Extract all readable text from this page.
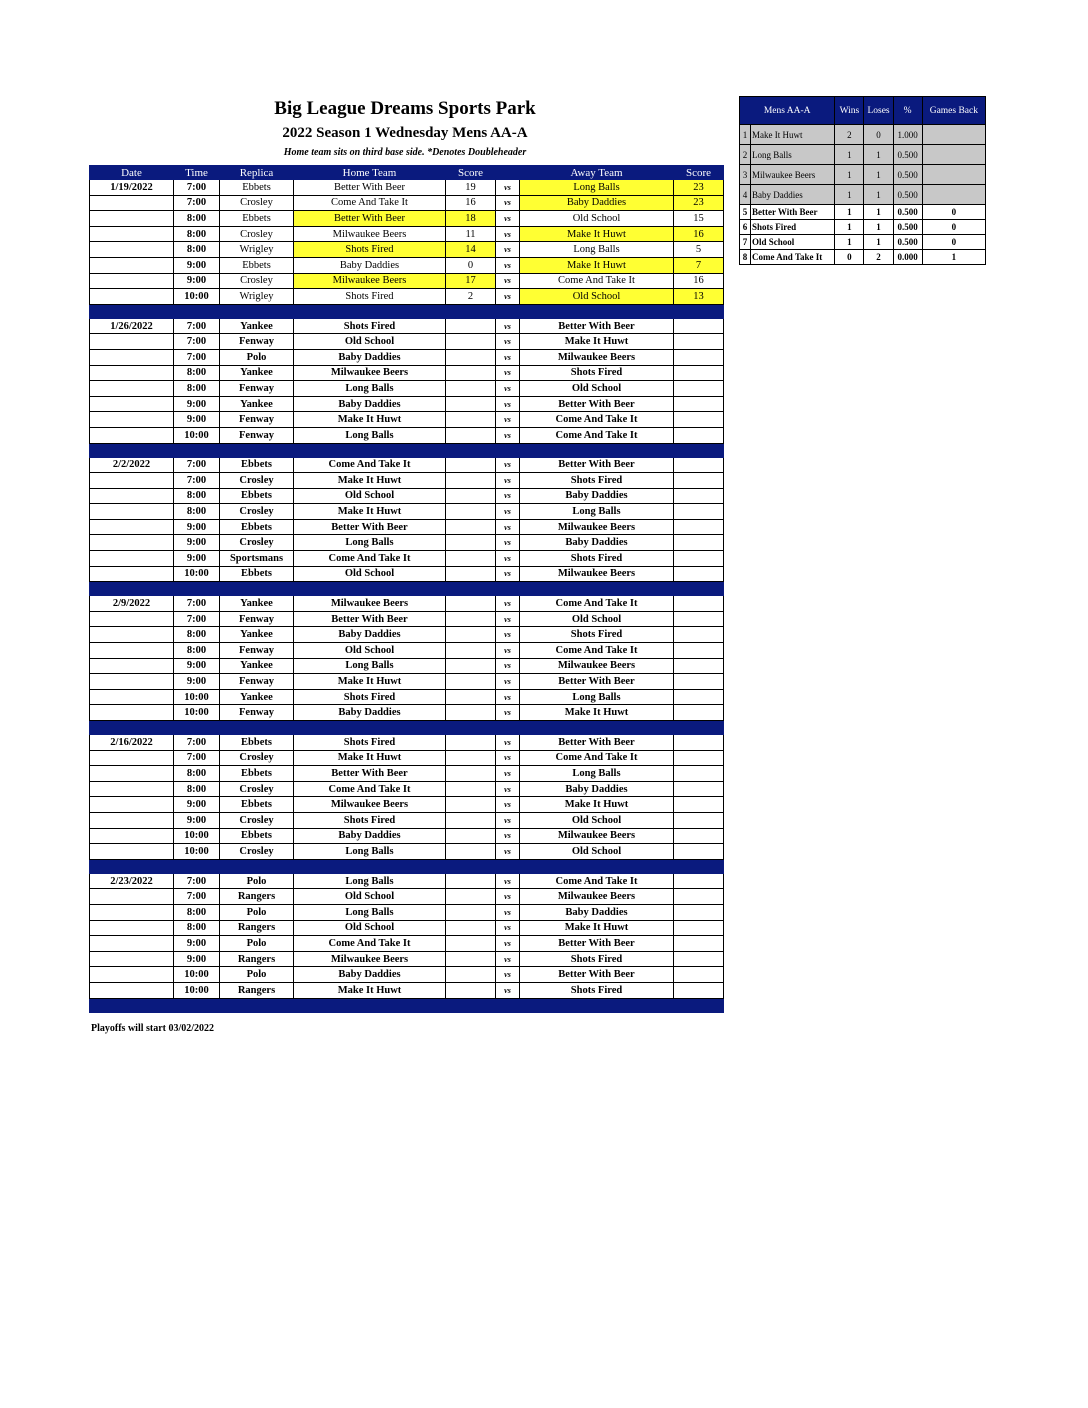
Big League Dreams Sports Park
2022 Season 1 Wednesday Mens AA-A
Home team sits on third base side. *Denotes Doubleheader
Date	Time	Replica	Home Team	Score		Away Team	Score
1/19/2022	7:00	Ebbets	Better With Beer	19	vs	Long Balls	23
	7:00	Crosley	Come And Take It	16	vs	Baby Daddies	23
	8:00	Ebbets	Better With Beer	18	vs	Old School	15
	8:00	Crosley	Milwaukee Beers	11	vs	Make It Huwt	16
	8:00	Wrigley	Shots Fired	14	vs	Long Balls	5
	9:00	Ebbets	Baby Daddies	0	vs	Make It Huwt	7
	9:00	Crosley	Milwaukee Beers	17	vs	Come And Take It	16
	10:00	Wrigley	Shots Fired	2	vs	Old School	13

1/26/2022	7:00	Yankee	Shots Fired		vs	Better With Beer	
	7:00	Fenway	Old School		vs	Make It Huwt	
	7:00	Polo	Baby Daddies		vs	Milwaukee Beers	
	8:00	Yankee	Milwaukee Beers		vs	Shots Fired	
	8:00	Fenway	Long Balls		vs	Old School	
	9:00	Yankee	Baby Daddies		vs	Better With Beer	
	9:00	Fenway	Make It Huwt		vs	Come And Take It	
	10:00	Fenway	Long Balls		vs	Come And Take It	

2/2/2022	7:00	Ebbets	Come And Take It		vs	Better With Beer	
	7:00	Crosley	Make It Huwt		vs	Shots Fired	
	8:00	Ebbets	Old School		vs	Baby Daddies	
	8:00	Crosley	Make It Huwt		vs	Long Balls	
	9:00	Ebbets	Better With Beer		vs	Milwaukee Beers	
	9:00	Crosley	Long Balls		vs	Baby Daddies	
	9:00	Sportsmans	Come And Take It		vs	Shots Fired	
	10:00	Ebbets	Old School		vs	Milwaukee Beers	

2/9/2022	7:00	Yankee	Milwaukee Beers		vs	Come And Take It	
	7:00	Fenway	Better With Beer		vs	Old School	
	8:00	Yankee	Baby Daddies		vs	Shots Fired	
	8:00	Fenway	Old School		vs	Come And Take It	
	9:00	Yankee	Long Balls		vs	Milwaukee Beers	
	9:00	Fenway	Make It Huwt		vs	Better With Beer	
	10:00	Yankee	Shots Fired		vs	Long Balls	
	10:00	Fenway	Baby Daddies		vs	Make It Huwt	

2/16/2022	7:00	Ebbets	Shots Fired		vs	Better With Beer	
	7:00	Crosley	Make It Huwt		vs	Come And Take It	
	8:00	Ebbets	Better With Beer		vs	Long Balls	
	8:00	Crosley	Come And Take It		vs	Baby Daddies	
	9:00	Ebbets	Milwaukee Beers		vs	Make It Huwt	
	9:00	Crosley	Shots Fired		vs	Old School	
	10:00	Ebbets	Baby Daddies		vs	Milwaukee Beers	
	10:00	Crosley	Long Balls		vs	Old School	

2/23/2022	7:00	Polo	Long Balls		vs	Come And Take It	
	7:00	Rangers	Old School		vs	Milwaukee Beers	
	8:00	Polo	Long Balls		vs	Baby Daddies	
	8:00	Rangers	Old School		vs	Make It Huwt	
	9:00	Polo	Come And Take It		vs	Better With Beer	
	9:00	Rangers	Milwaukee Beers		vs	Shots Fired	
	10:00	Polo	Baby Daddies		vs	Better With Beer	
	10:00	Rangers	Make It Huwt		vs	Shots Fired	

Mens AA-A		Wins	Loses	%	Games Back
1	Make It Huwt	2	0	1.000	
2	Long Balls	1	1	0.500	
3	Milwaukee Beers	1	1	0.500	
4	Baby Daddies	1	1	0.500	
5	Better With Beer	1	1	0.500	0
6	Shots Fired	1	1	0.500	0
7	Old School	1	1	0.500	0
8	Come And Take It	0	2	0.000	1
Playoffs will start 03/02/2022
